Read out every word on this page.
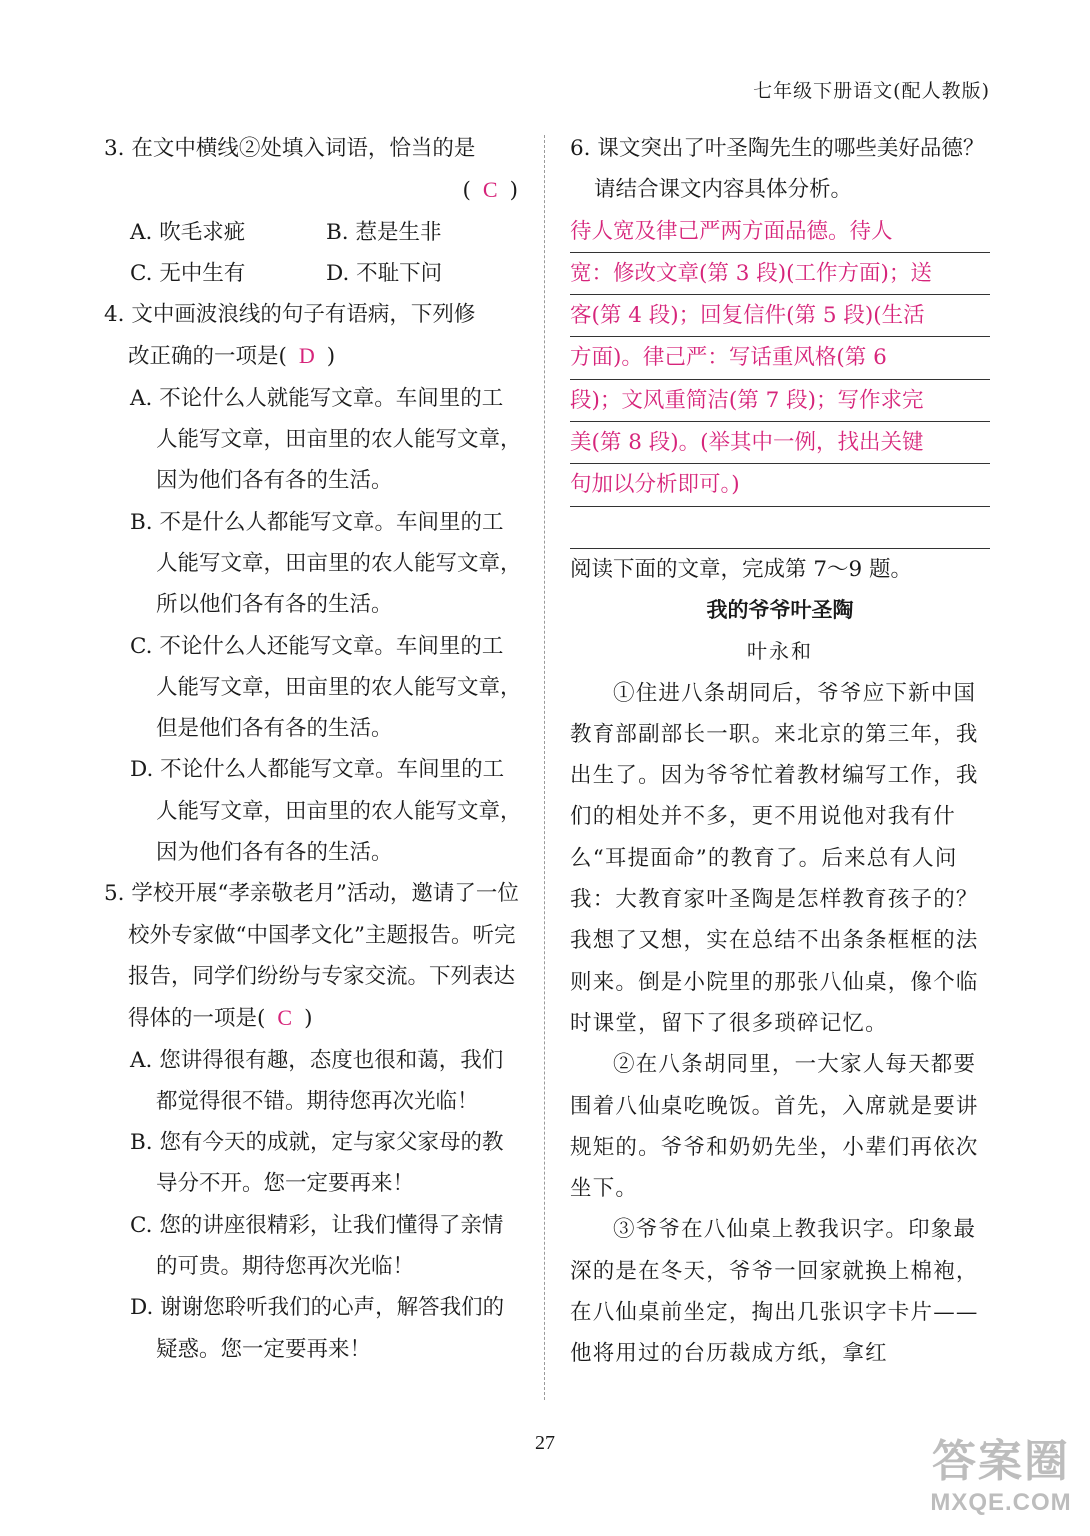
七年级下册语文(配人教版)
3. 在文中横线②处填入词语，恰当的是
( C )
A. 吹毛求疵	B. 惹是生非
C. 无中生有	D. 不耻下问
4. 文中画波浪线的句子有语病，下列修
改正确的一项是( D )
A. 不论什么人就能写文章。车间里的工人能写文章，田亩里的农人能写文章，因为他们各有各的生活。
B. 不是什么人都能写文章。车间里的工人能写文章，田亩里的农人能写文章，所以他们各有各的生活。
C. 不论什么人还能写文章。车间里的工人能写文章，田亩里的农人能写文章，但是他们各有各的生活。
D. 不论什么人都能写文章。车间里的工人能写文章，田亩里的农人能写文章，因为他们各有各的生活。
5. 学校开展“孝亲敬老月”活动，邀请了一位校外专家做“中国孝文化”主题报告。听完报告，同学们纷纷与专家交流。下列表达得体的一项是( C )
A. 您讲得很有趣，态度也很和蔼，我们都觉得很不错。期待您再次光临！
B. 您有今天的成就，定与家父家母的教导分不开。您一定要再来！
C. 您的讲座很精彩，让我们懂得了亲情的可贵。期待您再次光临！
D. 谢谢您聆听我们的心声，解答我们的疑惑。您一定要再来！
6. 课文突出了叶圣陶先生的哪些美好品德？请结合课文内容具体分析。
待人宽及律己严两方面品德。待人
宽：修改文章(第 3 段)(工作方面)；送
客(第 4 段)；回复信件(第 5 段)(生活
方面)。律己严：写话重风格(第 6
段)；文风重简洁(第 7 段)；写作求完
美(第 8 段)。(举其中一例，找出关键
句加以分析即可。)
阅读下面的文章，完成第 7～9 题。
我的爷爷叶圣陶
叶永和
①住进八条胡同后，爷爷应下新中国教育部副部长一职。来北京的第三年，我出生了。因为爷爷忙着教材编写工作，我们的相处并不多，更不用说他对我有什么“耳提面命”的教育了。后来总有人问我：大教育家叶圣陶是怎样教育孩子的？我想了又想，实在总结不出条条框框的法则来。倒是小院里的那张八仙桌，像个临时课堂，留下了很多琐碎记忆。
②在八条胡同里，一大家人每天都要围着八仙桌吃晚饭。首先，入席就是要讲规矩的。爷爷和奶奶先坐，小辈们再依次坐下。
③爷爷在八仙桌上教我识字。印象最深的是在冬天，爷爷一回家就换上棉袍，在八仙桌前坐定，掏出几张识字卡片——他将用过的台历裁成方纸，拿红
27	答案圈
MXQE.COM
